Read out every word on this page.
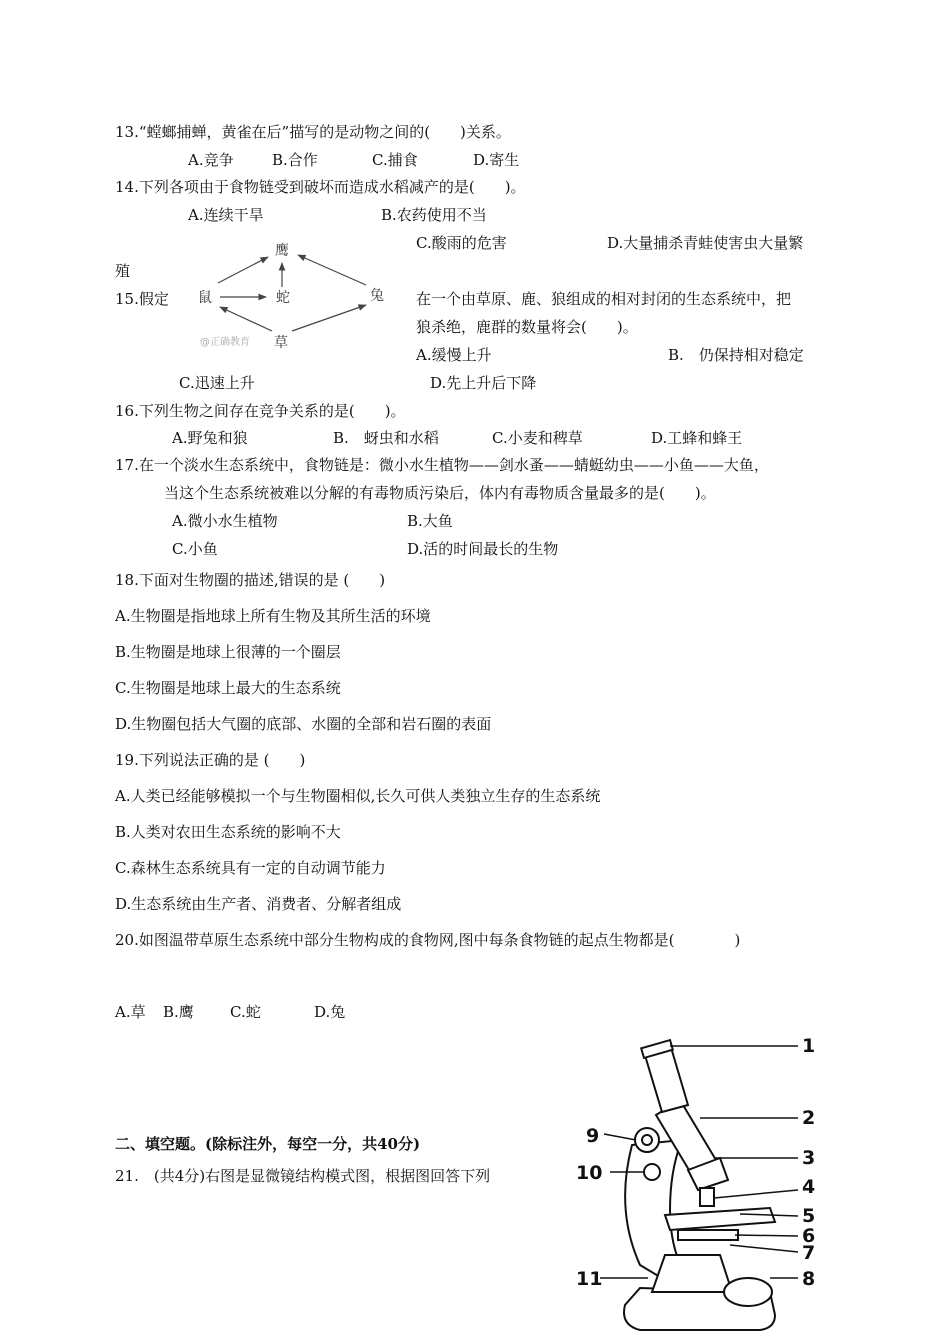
13.“螳螂捕蝉，黄雀在后”描写的是动物之间的(　　)关系。
A.竞争	B.合作	C.捕食	D.寄生
14.下列各项由于食物链受到破坏而造成水稻减产的是(　　)。
A.连续干旱	B.农药使用不当
C.酸雨的危害	D.大量捕杀青蛙使害虫大量繁
殖
15.假定	在一个由草原、鹿、狼组成的相对封闭的生态系统中，把
狼杀绝，鹿群的数量将会(　　)。
A.缓慢上升	B.　仍保持相对稳定
C.迅速上升	D.先上升后下降
鹰
鼠	蛇	兔
草
@正确教育
16.下列生物之间存在竞争关系的是(　　)。
A.野兔和狼	B.　蚜虫和水稻	C.小麦和稗草	D.工蜂和蜂王
17.在一个淡水生态系统中，食物链是：微小水生植物——剑水蚤——蜻蜓幼虫——小鱼——大鱼，
当这个生态系统被难以分解的有毒物质污染后，体内有毒物质含量最多的是(　　)。
A.微小水生植物	B.大鱼
C.小鱼	D.活的时间最长的生物
18.下面对生物圈的描述,错误的是 (　　)
A.生物圈是指地球上所有生物及其所生活的环境
B.生物圈是地球上很薄的一个圈层
C.生物圈是地球上最大的生态系统
D.生物圈包括大气圈的底部、水圈的全部和岩石圈的表面
19.下列说法正确的是 (　　)
A.人类已经能够模拟一个与生物圈相似,长久可供人类独立生存的生态系统
B.人类对农田生态系统的影响不大
C.森林生态系统具有一定的自动调节能力
D.生态系统由生产者、消费者、分解者组成
20.如图温带草原生态系统中部分生物构成的食物网,图中每条食物链的起点生物都是(　　　　)
A.草 B.鹰 C.蛇	D.兔
二、填空题。(除标注外，每空一分，共40分)
21.　(共4分)右图是显微镜结构模式图，根据图回答下列
1
2
3
4
5
6
7
8
9
10
11
